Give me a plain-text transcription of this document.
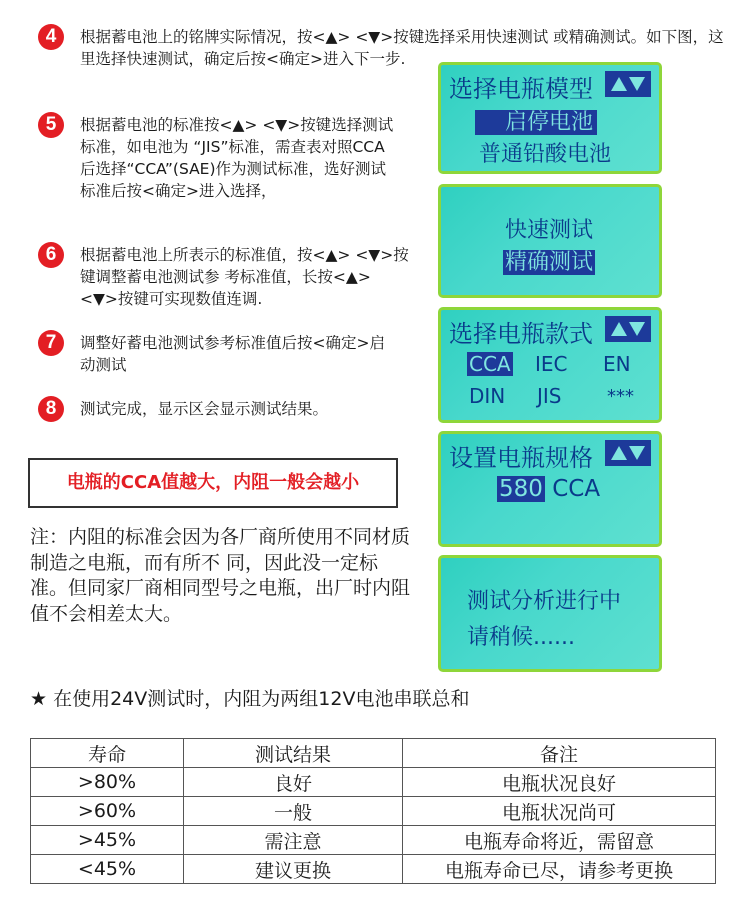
4	根据蓄电池上的铭牌实际情况，按<▲> <▼>按键选择采用快速测试 或精确测试。如下图，这里选择快速测试，确定后按<确定>进入下一步.
5	根据蓄电池的标准按<▲> <▼>按键选择测试标准，如电池为 “JIS”标准，需查表对照CCA后选择“CCA”(SAE)作为测试标准，选好测试 标准后按<确定>进入选择，
6	根据蓄电池上所表示的标准值，按<▲> <▼>按键调整蓄电池测试参 考标准值，长按<▲> <▼>按键可实现数值连调.
7	调整好蓄电池测试参考标准值后按<确定>启动测试
8	测试完成，显示区会显示测试结果。
电瓶的CCA值越大，内阻一般会越小
注：内阻的标准会因为各厂商所使用不同材质制造之电瓶，而有所不 同，因此没一定标准。但同家厂商相同型号之电瓶，出厂时内阻值不会相差太大。
选择电瓶模型
启停电池
普通铅酸电池
快速测试
精确测试
选择电瓶款式
CCA IEC EN
DIN JIS	***
设置电瓶规格
580 CCA
测试分析进行中
请稍候......
★ 在使用24V测试时，内阻为两组12V电池串联总和
寿命	测试结果	备注
>80%	良好	电瓶状况良好
>60%	一般	电瓶状况尚可
>45%	需注意	电瓶寿命将近，需留意
<45%	建议更换	电瓶寿命已尽，请参考更换
